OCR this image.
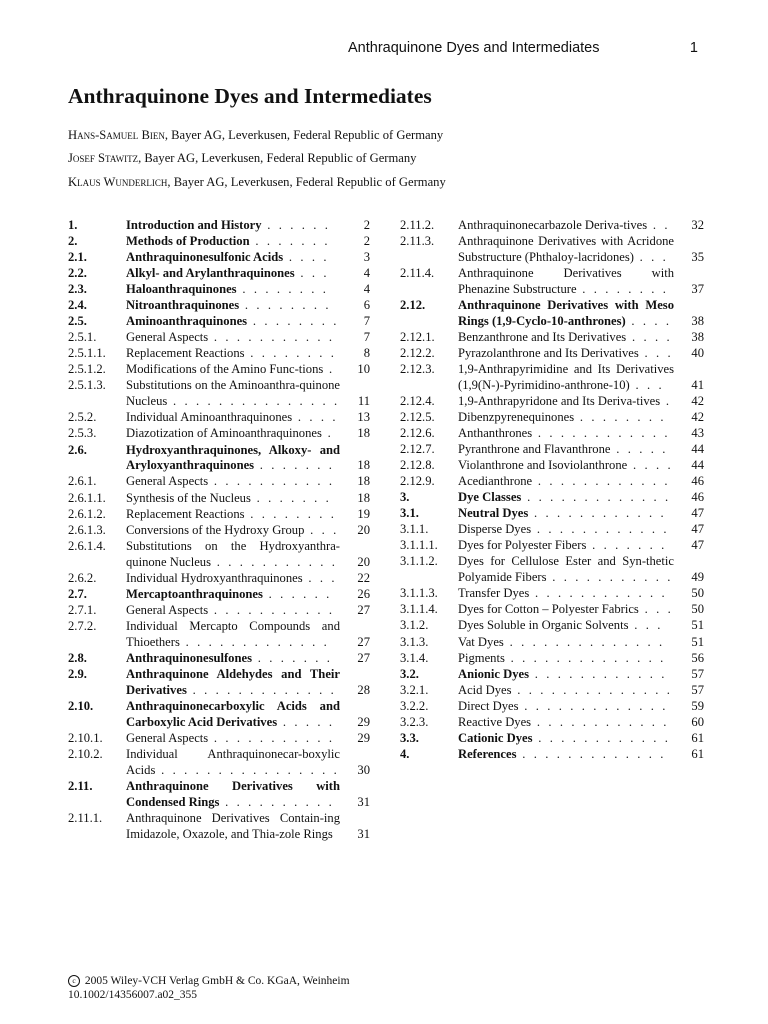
Anthraquinone Dyes and Intermediates	1
Anthraquinone Dyes and Intermediates
Hans-Samuel Bien, Bayer AG, Leverkusen, Federal Republic of Germany
Josef Stawitz, Bayer AG, Leverkusen, Federal Republic of Germany
Klaus Wunderlich, Bayer AG, Leverkusen, Federal Republic of Germany
1.	Introduction and History . . . . . .	2
2.	Methods of Production . . . . . . .	2
2.1.	Anthraquinonesulfonic Acids . . . .	3
2.2.	Alkyl- and Arylanthraquinones . . .	4
2.3.	Haloanthraquinones . . . . . . . .	4
2.4.	Nitroanthraquinones . . . . . . . .	6
2.5.	Aminoanthraquinones . . . . . . . . 7
2.5.1. General Aspects . . . . . . . . . . .	7
2.5.1.1. Replacement Reactions . . . . . . . . 8
2.5.1.2. Modifications of the Amino Func-tions .	10
2.5.1.3. Substitutions on the Aminoanthra-quinone Nucleus . . . . . . . . . . . . . . . 11
2.5.2. Individual Aminoanthraquinones . . . . 13
2.5.3. Diazotization of Aminoanthraquinones .	18
2.6.	Hydroxyanthraquinones, Alkoxy- and Aryloxyanthraquinones . . . . . . .	18
2.6.1. General Aspects . . . . . . . . . . .	18
2.6.1.1. Synthesis of the Nucleus . . . . . . .	18
2.6.1.2. Replacement Reactions . . . . . . . . 19
2.6.1.3. Conversions of the Hydroxy Group . . . 20
2.6.1.4. Substitutions on the Hydroxyanthra-quinone Nucleus . . . . . . . . . . . 20
2.6.2. Individual Hydroxyanthraquinones . . . 22
2.7.	Mercaptoanthraquinones . . . . . .	26
2.7.1. General Aspects . . . . . . . . . . .	27
2.7.2. Individual Mercapto Compounds and Thioethers . . . . . . . . . . . . .	27
2.8.	Anthraquinonesulfones . . . . . . .	27
2.9.	Anthraquinone Aldehydes and Their Derivatives . . . . . . . . . . . . . 28
2.10.	Anthraquinonecarboxylic Acids and Carboxylic Acid Derivatives . . . . .	29
2.10.1. General Aspects . . . . . . . . . . .	29
2.10.2. Individual Anthraquinonecar-boxylic Acids . . . . . . . . . . . . . . . . 30
2.11.	Anthraquinone Derivatives with Condensed Rings . . . . . . . . . .	31
2.11.1. Anthraquinone Derivatives Contain-ing Imidazole, Oxazole, and Thia-zole Rings	31
2.11.2. Anthraquinonecarbazole Deriva-tives . .	32
2.11.3. Anthraquinone Derivatives with Acridone Substructure (Phthaloy-lacridones) . . .	35
2.11.4. Anthraquinone Derivatives with Phenazine Substructure . . . . . . . .	37
2.12.	Anthraquinone Derivatives with Meso Rings (1,9-Cyclo-10-anthrones) . . . . 38
2.12.1. Benzanthrone and Its Derivatives . . . . 38
2.12.2. Pyrazolanthrone and Its Derivatives . . . 40
2.12.3. 1,9-Anthrapyrimidine and Its Derivatives (1,9(N-)-Pyrimidino-anthrone-10) . . .	41
2.12.4. 1,9-Anthrapyridone and Its Deriva-tives . 42
2.12.5. Dibenzpyrenequinones . . . . . . . .	42
2.12.6. Anthanthrones . . . . . . . . . . . .	43
2.12.7. Pyranthrone and Flavanthrone . . . . .	44
2.12.8. Violanthrone and Isoviolanthrone . . . . 44
2.12.9. Acedianthrone . . . . . . . . . . . .	46
3.	Dye Classes . . . . . . . . . . . . . 46
3.1.	Neutral Dyes . . . . . . . . . . . .	47
3.1.1. Disperse Dyes . . . . . . . . . . . .	47
3.1.1.1. Dyes for Polyester Fibers . . . . . . .	47
3.1.1.2. Dyes for Cellulose Ester and Syn-thetic Polyamide Fibers . . . . . . . . . . . 49
3.1.1.3. Transfer Dyes . . . . . . . . . . . .	50
3.1.1.4. Dyes for Cotton – Polyester Fabrics . . . 50
3.1.2. Dyes Soluble in Organic Solvents . . .	51
3.1.3. Vat Dyes . . . . . . . . . . . . . .	51
3.1.4. Pigments . . . . . . . . . . . . . .	56
3.2.	Anionic Dyes . . . . . . . . . . . .	57
3.2.1. Acid Dyes . . . . . . . . . . . . . . 57
3.2.2. Direct Dyes . . . . . . . . . . . . .	59
3.2.3. Reactive Dyes . . . . . . . . . . . .	60
3.3.	Cationic Dyes . . . . . . . . . . . . 61
4.	References . . . . . . . . . . . . .	61
c 2005 Wiley-VCH Verlag GmbH & Co. KGaA, Weinheim
10.1002/14356007.a02_355
